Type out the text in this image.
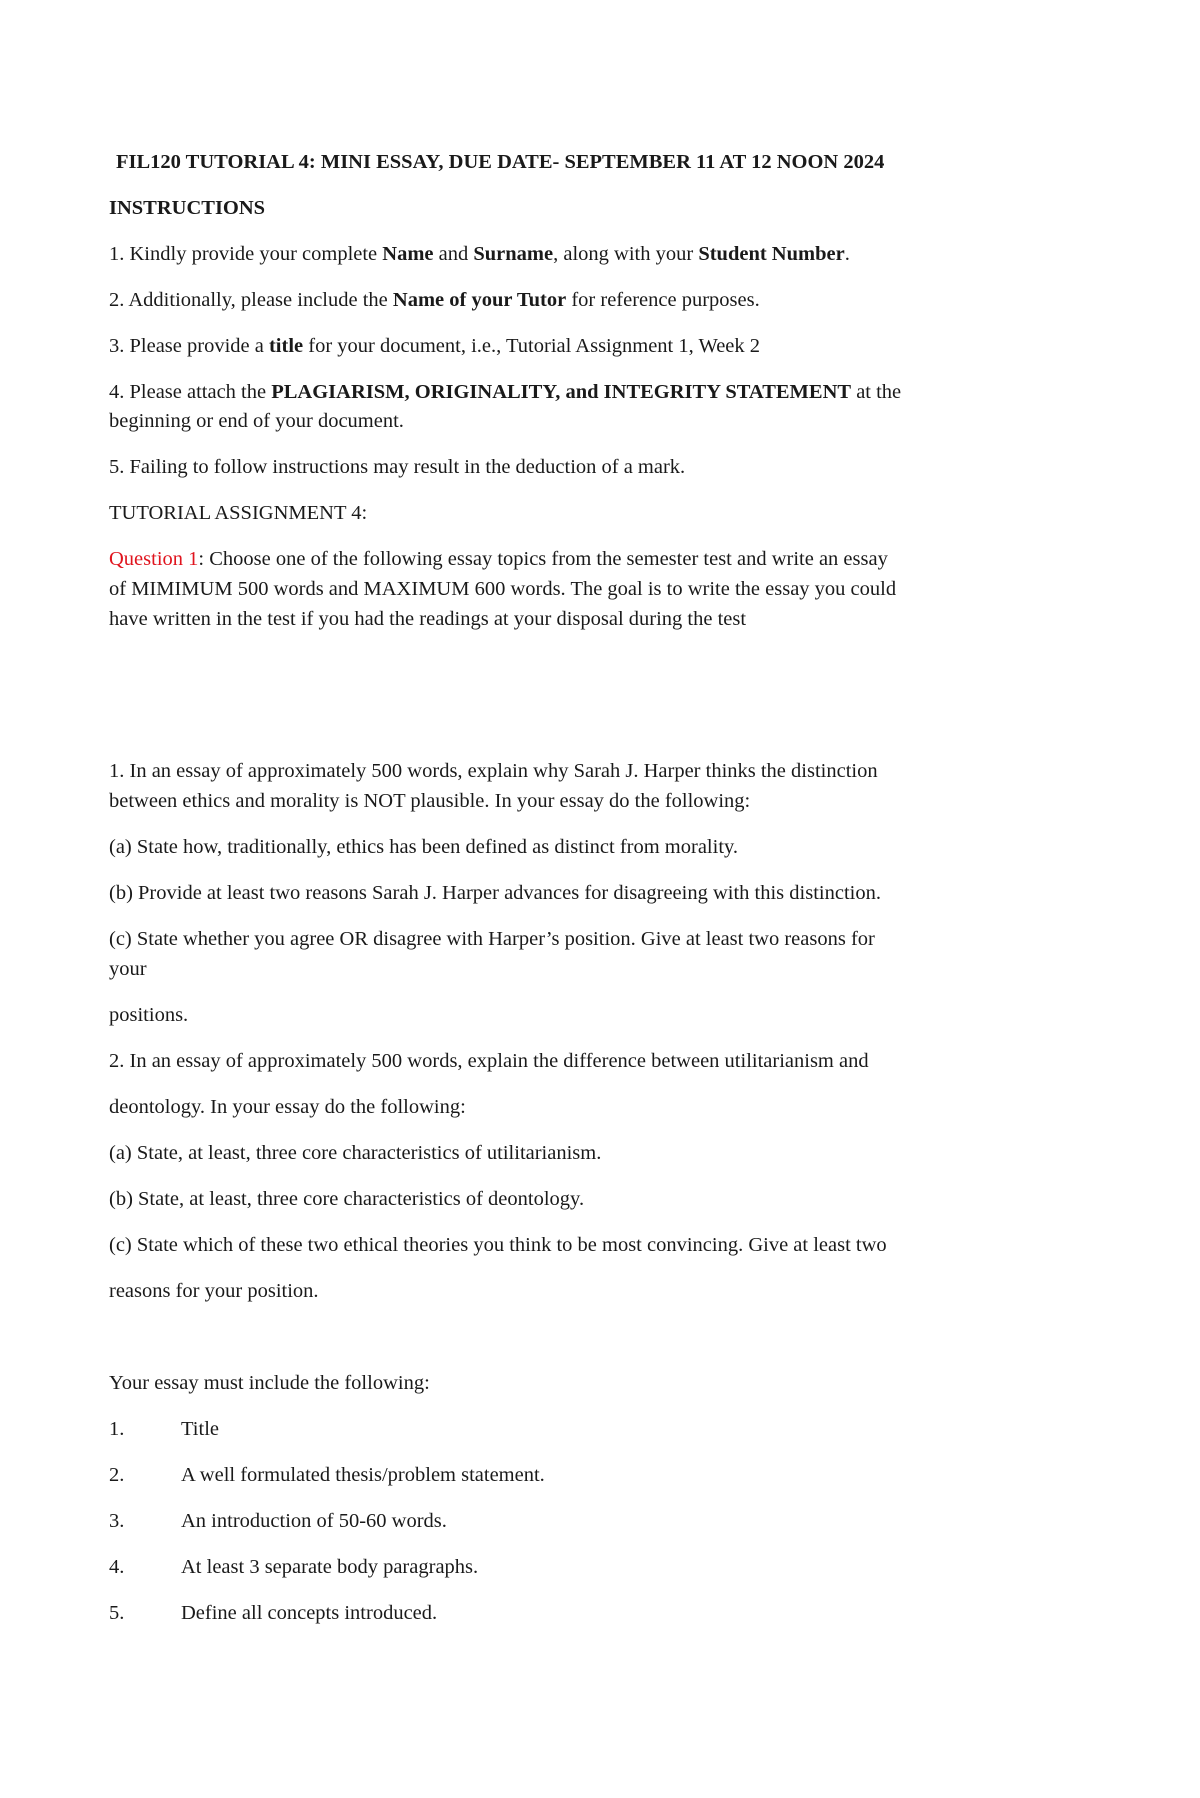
FIL120 TUTORIAL 4: MINI ESSAY, DUE DATE- SEPTEMBER 11 AT 12 NOON 2024

INSTRUCTIONS

1. Kindly provide your complete Name and Surname, along with your Student Number.

2. Additionally, please include the Name of your Tutor for reference purposes.

3. Please provide a title for your document, i.e., Tutorial Assignment 1, Week 2

4. Please attach the PLAGIARISM, ORIGINALITY, and INTEGRITY STATEMENT at the

beginning or end of your document.

5. Failing to follow instructions may result in the deduction of a mark.

TUTORIAL ASSIGNMENT 4:

Question 1: Choose one of the following essay topics from the semester test and write an essay

of MIMIMUM 500 words and MAXIMUM 600 words. The goal is to write the essay you could

have written in the test if you had the readings at your disposal during the test

1. In an essay of approximately 500 words, explain why Sarah J. Harper thinks the distinction

between ethics and morality is NOT plausible. In your essay do the following:

(a) State how, traditionally, ethics has been defined as distinct from morality.

(b) Provide at least two reasons Sarah J. Harper advances for disagreeing with this distinction.

(c) State whether you agree OR disagree with Harper’s position. Give at least two reasons for

your

positions.

2. In an essay of approximately 500 words, explain the difference between utilitarianism and

deontology. In your essay do the following:

(a) State, at least, three core characteristics of utilitarianism.

(b) State, at least, three core characteristics of deontology.

(c) State which of these two ethical theories you think to be most convincing. Give at least two

reasons for your position.

Your essay must include the following:

1.	Title

2.	A well formulated thesis/problem statement.

3.	An introduction of 50-60 words.

4.	At least 3 separate body paragraphs.

5.	Define all concepts introduced.
